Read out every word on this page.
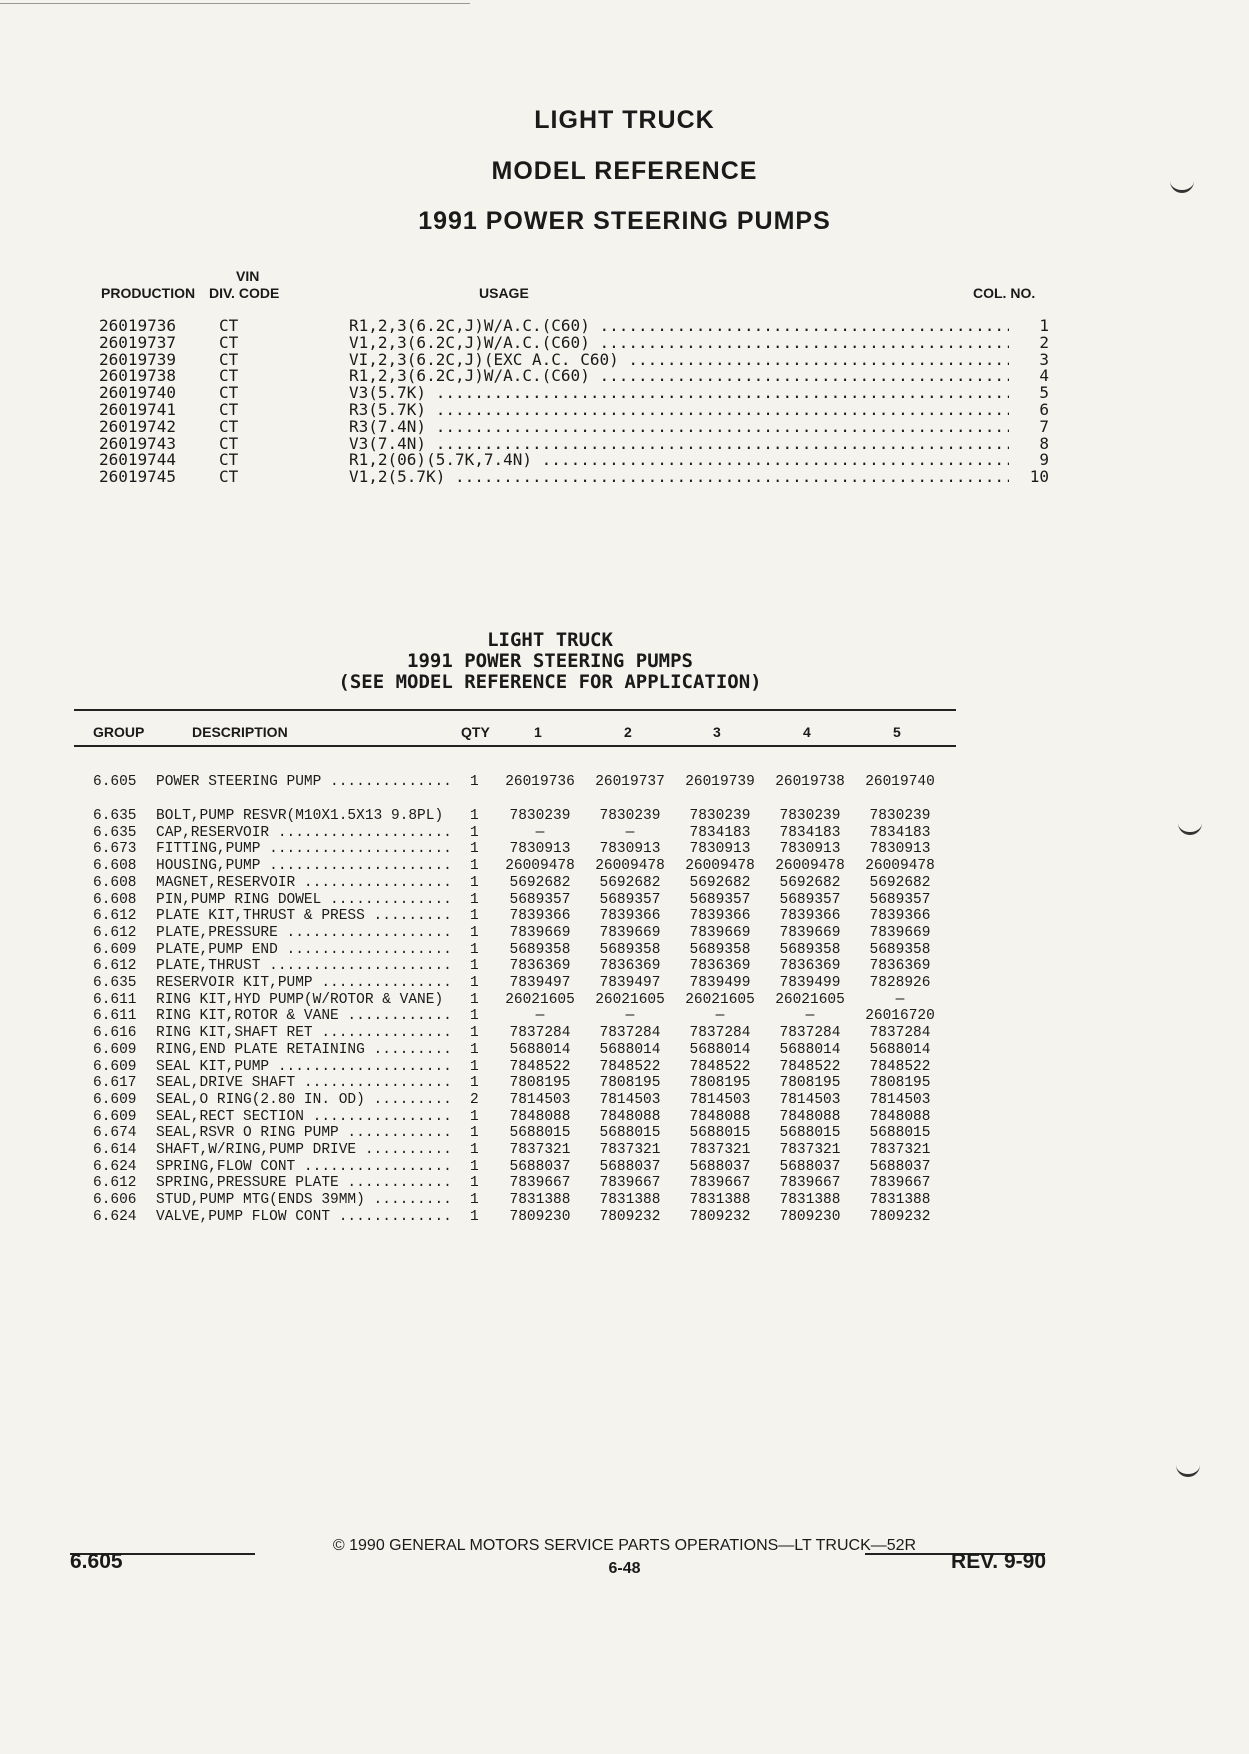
LIGHT TRUCK
MODEL REFERENCE
1991 POWER STEERING PUMPS
VIN
PRODUCTION DIV. CODE	USAGE	COL. NO.
26019736	CT	R1,2,3(6.2C,J)W/A.C.(C60) .....	1
26019737	CT	V1,2,3(6.2C,J)W/A.C.(C60) .....	2
26019739	CT	VI,2,3(6.2C,J)(EXC A.C. C60) .....	3
26019738	CT	R1,2,3(6.2C,J)W/A.C.(C60) .....	4
26019740	CT	V3(5.7K) .....	5
26019741	CT	R3(5.7K) .....	6
26019742	CT	R3(7.4N) .....	7
26019743	CT	V3(7.4N) .....	8
26019744	CT	R1,2(06)(5.7K,7.4N) .....	9
26019745	CT	V1,2(5.7K) .....	10
LIGHT TRUCK
1991 POWER STEERING PUMPS
(SEE MODEL REFERENCE FOR APPLICATION)
GROUP	DESCRIPTION	QTY	1	2	3	4	5
6.605 POWER STEERING PUMP .....	1	26019736	26019737	26019739	26019738	26019740
6.635 BOLT,PUMP RESVR(M10X1.5X13 9.8PL) .....	1	7830239	7830239	7830239	7830239	7830239
6.635 CAP,RESERVOIR .....	1	—	—	7834183	7834183	7834183
6.673 FITTING,PUMP .....	1	7830913	7830913	7830913	7830913	7830913
6.608 HOUSING,PUMP .....	1	26009478	26009478	26009478	26009478	26009478
6.608 MAGNET,RESERVOIR .....	1	5692682	5692682	5692682	5692682	5692682
6.608 PIN,PUMP RING DOWEL .....	1	5689357	5689357	5689357	5689357	5689357
6.612 PLATE KIT,THRUST & PRESS .....	1	7839366	7839366	7839366	7839366	7839366
6.612 PLATE,PRESSURE .....	1	7839669	7839669	7839669	7839669	7839669
6.609 PLATE,PUMP END .....	1	5689358	5689358	5689358	5689358	5689358
6.612 PLATE,THRUST .....	1	7836369	7836369	7836369	7836369	7836369
6.635 RESERVOIR KIT,PUMP .....	1	7839497	7839497	7839499	7839499	7828926
6.611 RING KIT,HYD PUMP(W/ROTOR & VANE) .....	1	26021605	26021605	26021605	26021605	—
6.611 RING KIT,ROTOR & VANE .....	1	—	—	—	—	26016720
6.616 RING KIT,SHAFT RET .....	1	7837284	7837284	7837284	7837284	7837284
6.609 RING,END PLATE RETAINING .....	1	5688014	5688014	5688014	5688014	5688014
6.609 SEAL KIT,PUMP .....	1	7848522	7848522	7848522	7848522	7848522
6.617 SEAL,DRIVE SHAFT .....	1	7808195	7808195	7808195	7808195	7808195
6.609 SEAL,O RING(2.80 IN. OD) .....	2	7814503	7814503	7814503	7814503	7814503
6.609 SEAL,RECT SECTION .....	1	7848088	7848088	7848088	7848088	7848088
6.674 SEAL,RSVR O RING PUMP .....	1	5688015	5688015	5688015	5688015	5688015
6.614 SHAFT,W/RING,PUMP DRIVE .....	1	7837321	7837321	7837321	7837321	7837321
6.624 SPRING,FLOW CONT .....	1	5688037	5688037	5688037	5688037	5688037
6.612 SPRING,PRESSURE PLATE .....	1	7839667	7839667	7839667	7839667	7839667
6.606 STUD,PUMP MTG(ENDS 39MM) .....	1	7831388	7831388	7831388	7831388	7831388
6.624 VALVE,PUMP FLOW CONT .....	1	7809230	7809232	7809232	7809230	7809232
© 1990 GENERAL MOTORS SERVICE PARTS OPERATIONS—LT TRUCK—52R
6.605	6-48	REV. 9-90
